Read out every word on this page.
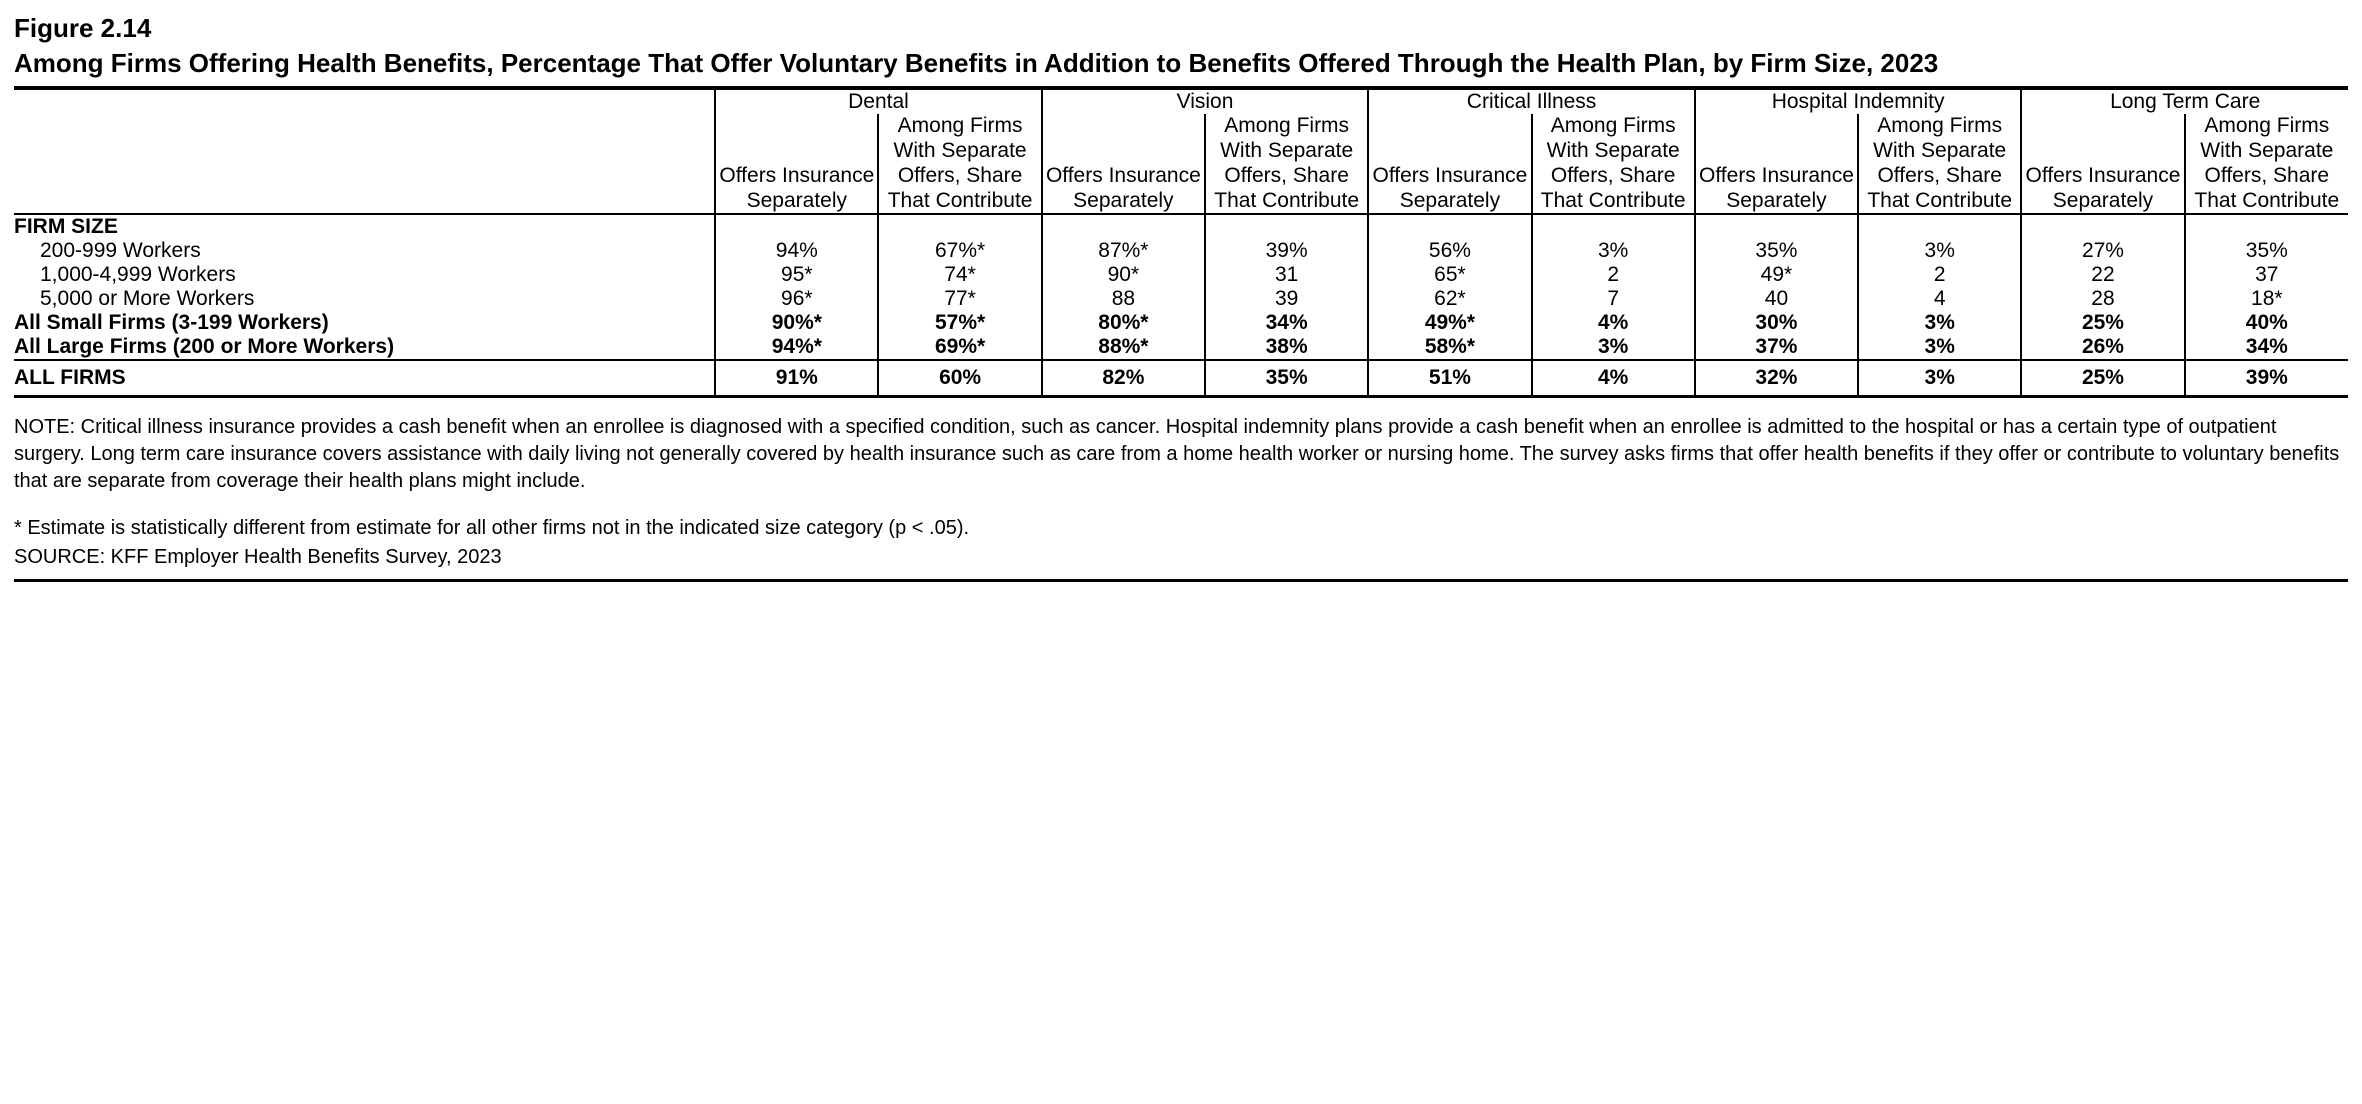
Figure 2.14
Among Firms Offering Health Benefits, Percentage That Offer Voluntary Benefits in Addition to Benefits Offered Through the Health Plan, by Firm Size, 2023
	Dental		Vision		Critical Illness		Hospital Indemnity		Long Term Care	
	Offers Insurance Separately	Among Firms With Separate Offers, Share That Contribute	Offers Insurance Separately	Among Firms With Separate Offers, Share That Contribute	Offers Insurance Separately	Among Firms With Separate Offers, Share That Contribute	Offers Insurance Separately	Among Firms With Separate Offers, Share That Contribute	Offers Insurance Separately	Among Firms With Separate Offers, Share That Contribute
FIRM SIZE										
200-999 Workers	94%	67%*	87%*	39%	56%	3%	35%	3%	27%	35%
1,000-4,999 Workers	95*	74*	90*	31	65*	2	49*	2	22	37
5,000 or More Workers	96*	77*	88	39	62*	7	40	4	28	18*
All Small Firms (3-199 Workers)	90%*	57%*	80%*	34%	49%*	4%	30%	3%	25%	40%
All Large Firms (200 or More Workers)	94%*	69%*	88%*	38%	58%*	3%	37%	3%	26%	34%
ALL FIRMS	91%	60%	82%	35%	51%	4%	32%	3%	25%	39%
NOTE: Critical illness insurance provides a cash benefit when an enrollee is diagnosed with a specified condition, such as cancer. Hospital indemnity plans provide a cash benefit when an enrollee is admitted to the hospital or has a certain type of outpatient surgery. Long term care insurance covers assistance with daily living not generally covered by health insurance such as care from a home health worker or nursing home. The survey asks firms that offer health benefits if they offer or contribute to voluntary benefits that are separate from coverage their health plans might include.
* Estimate is statistically different from estimate for all other firms not in the indicated size category (p < .05).
SOURCE: KFF Employer Health Benefits Survey, 2023
